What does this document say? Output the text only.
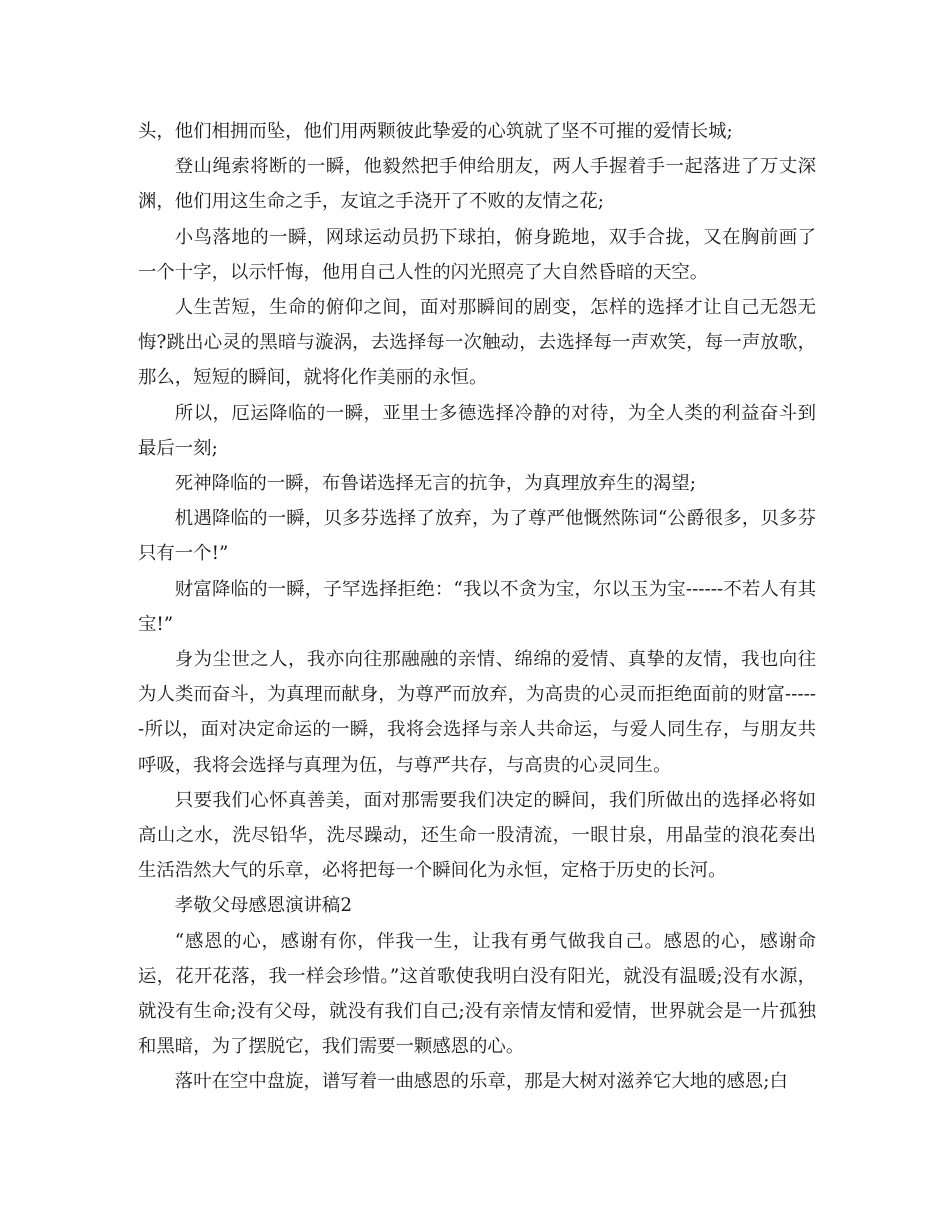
头，他们相拥而坠，他们用两颗彼此挚爱的心筑就了坚不可摧的爱情长城;

登山绳索将断的一瞬，他毅然把手伸给朋友，两人手握着手一起落进了万丈深渊，他们用这生命之手，友谊之手浇开了不败的友情之花;

小鸟落地的一瞬，网球运动员扔下球拍，俯身跪地，双手合拢，又在胸前画了一个十字，以示忏悔，他用自己人性的闪光照亮了大自然昏暗的天空。

人生苦短，生命的俯仰之间，面对那瞬间的剧变，怎样的选择才让自己无怨无悔?跳出心灵的黑暗与漩涡，去选择每一次触动，去选择每一声欢笑，每一声放歌，那么，短短的瞬间，就将化作美丽的永恒。

所以，厄运降临的一瞬，亚里士多德选择冷静的对待，为全人类的利益奋斗到最后一刻;

死神降临的一瞬，布鲁诺选择无言的抗争，为真理放弃生的渴望;

机遇降临的一瞬，贝多芬选择了放弃，为了尊严他慨然陈词“公爵很多，贝多芬只有一个!”

财富降临的一瞬，子罕选择拒绝：“我以不贪为宝，尔以玉为宝------不若人有其宝!”

身为尘世之人，我亦向往那融融的亲情、绵绵的爱情、真挚的友情，我也向往为人类而奋斗，为真理而献身，为尊严而放弃，为高贵的心灵而拒绝面前的财富------所以，面对决定命运的一瞬，我将会选择与亲人共命运，与爱人同生存，与朋友共呼吸，我将会选择与真理为伍，与尊严共存，与高贵的心灵同生。

只要我们心怀真善美，面对那需要我们决定的瞬间，我们所做出的选择必将如高山之水，洗尽铅华，洗尽躁动，还生命一股清流，一眼甘泉，用晶莹的浪花奏出生活浩然大气的乐章，必将把每一个瞬间化为永恒，定格于历史的长河。

孝敬父母感恩演讲稿2

“感恩的心，感谢有你，伴我一生，让我有勇气做我自己。感恩的心，感谢命运，花开花落，我一样会珍惜。”这首歌使我明白没有阳光，就没有温暖;没有水源，就没有生命;没有父母，就没有我们自己;没有亲情友情和爱情，世界就会是一片孤独和黑暗，为了摆脱它，我们需要一颗感恩的心。

落叶在空中盘旋，谱写着一曲感恩的乐章，那是大树对滋养它大地的感恩;白
